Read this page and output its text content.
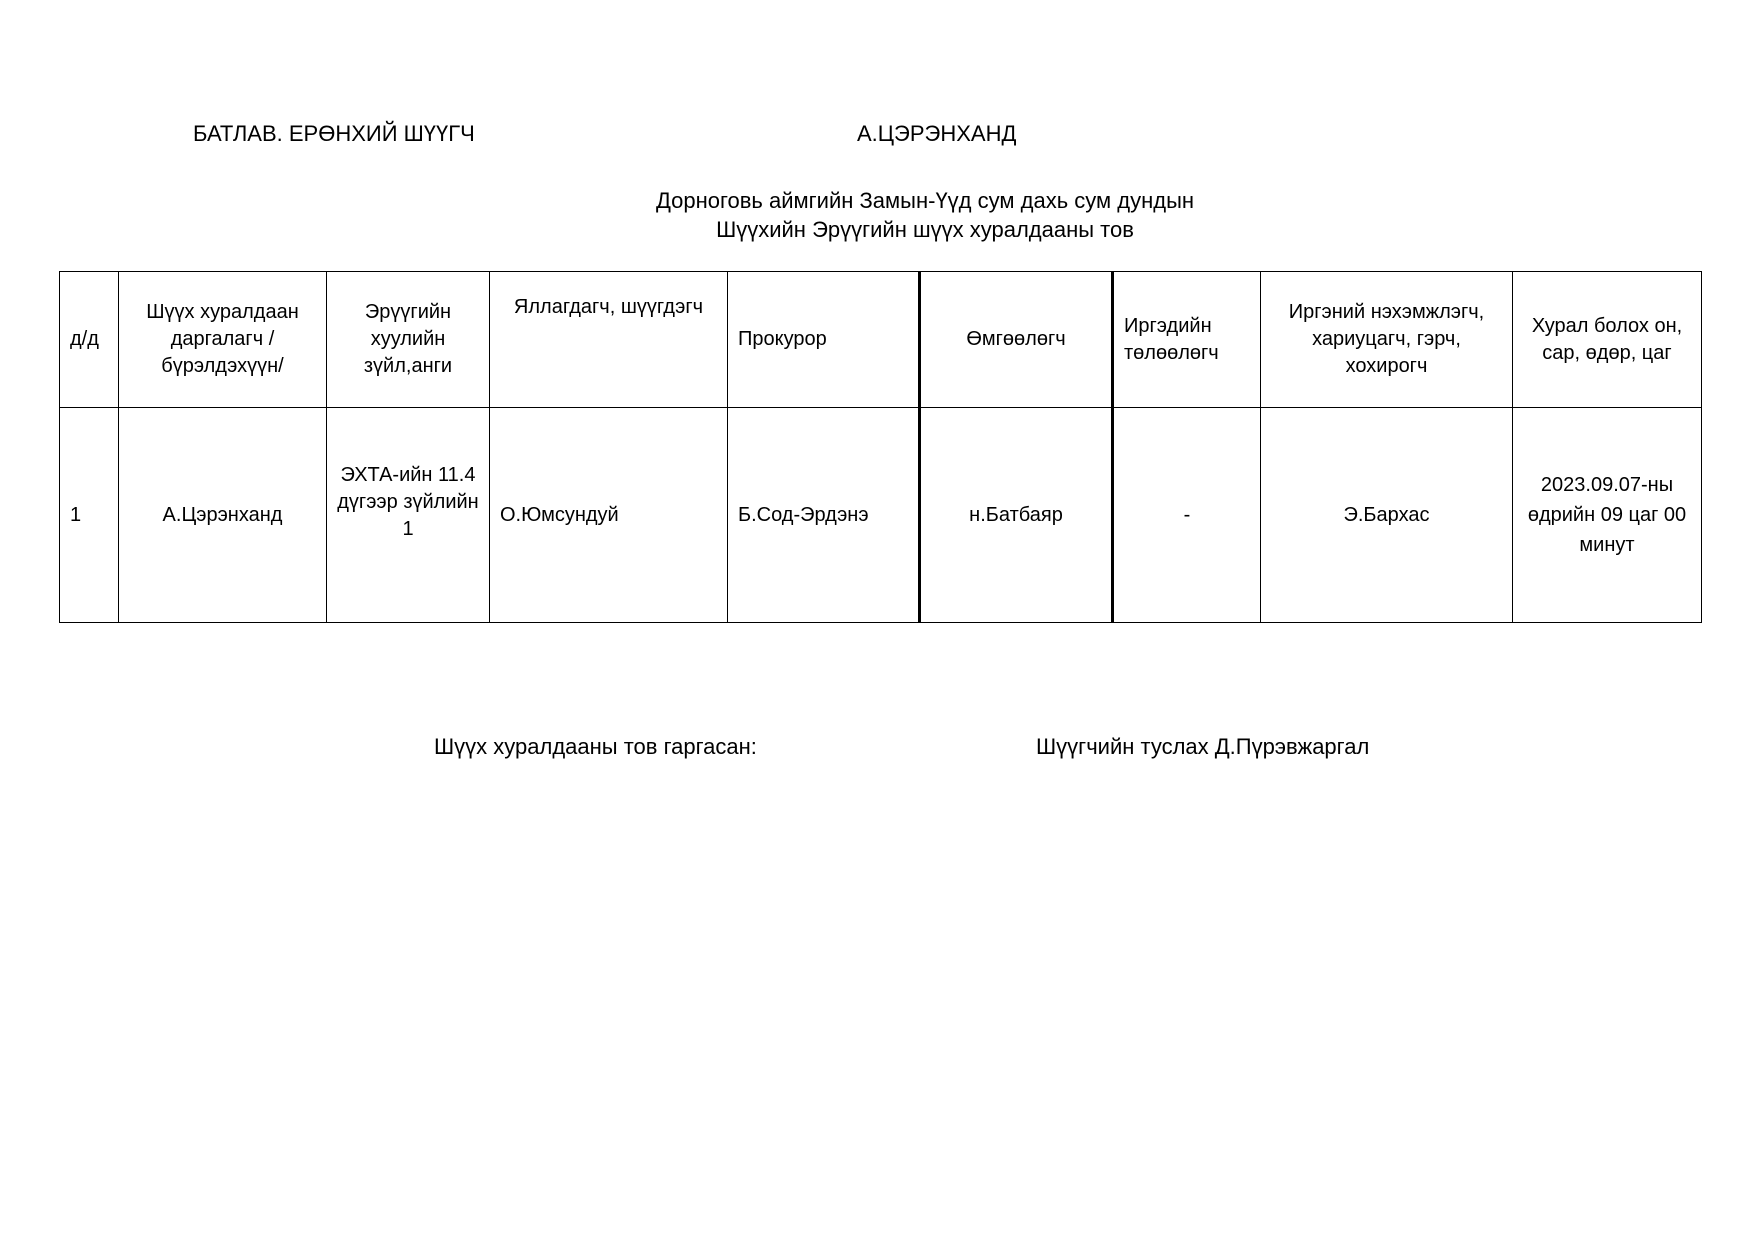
БАТЛАВ. ЕРӨНХИЙ ШҮҮГЧ	А.ЦЭРЭНХАНД
Дорноговь аймгийн Замын-Үүд сум дахь сум дундын
Шүүхийн Эрүүгийн шүүх хуралдааны тов
д/д	Шүүх хуралдаан даргалагч /бүрэлдэхүүн/	Эрүүгийн хуулийн зүйл,анги	Яллагдагч, шүүгдэгч	Прокурор	Өмгөөлөгч	Иргэдийн төлөөлөгч	Иргэний нэхэмжлэгч, хариуцагч, гэрч, хохирогч	Хурал болох он, сар, өдөр, цаг
1	А.Цэрэнханд	ЭХТА-ийн 11.4 дүгээр зүйлийн 1	О.Юмсундуй	Б.Сод-Эрдэнэ	н.Батбаяр	-	Э.Бархас	2023.09.07-ны өдрийн 09 цаг 00 минут
Шүүх хуралдааны тов гаргасан:	Шүүгчийн туслах Д.Пүрэвжаргал
